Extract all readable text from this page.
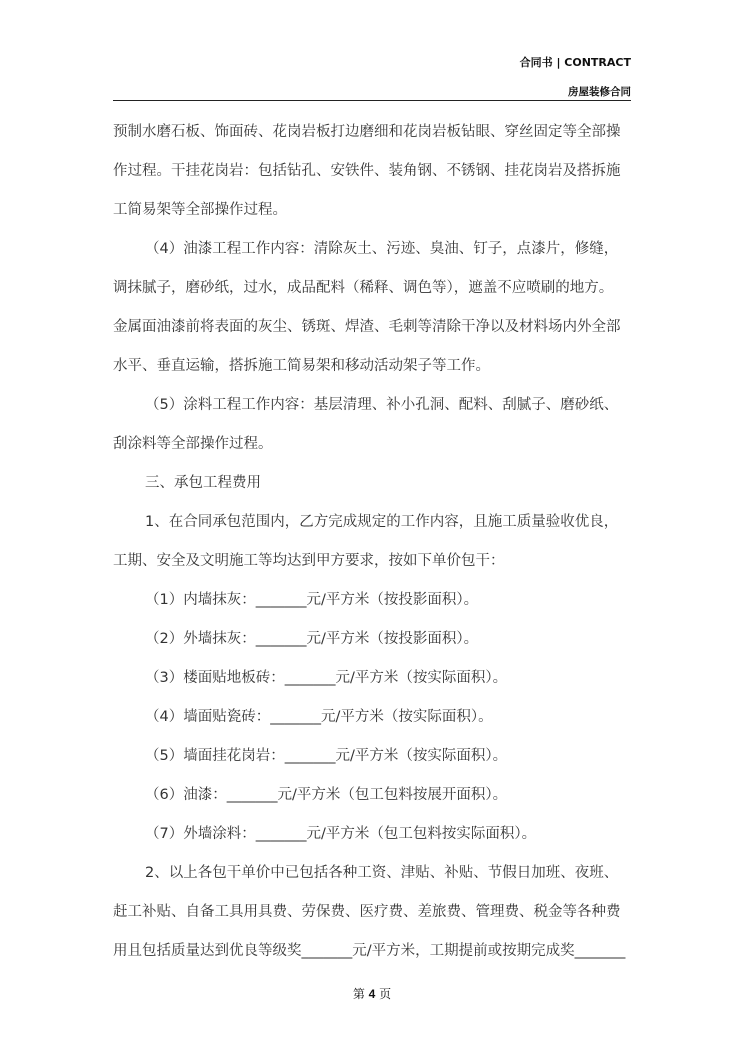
合同书 | CONTRACT
房屋装修合同

预制水磨石板、饰面砖、花岗岩板打边磨细和花岗岩板钻眼、穿丝固定等全部操

作过程。干挂花岗岩：包括钻孔、安铁件、装角钢、不锈钢、挂花岗岩及搭拆施

工简易架等全部操作过程。

（4）油漆工程工作内容：清除灰土、污迹、臭油、钉子，点漆片，修缝，

调抹腻子，磨砂纸，过水，成品配料（稀释、调色等），遮盖不应喷刷的地方。

金属面油漆前将表面的灰尘、锈斑、焊渣、毛刺等清除干净以及材料场内外全部

水平、垂直运输，搭拆施工简易架和移动活动架子等工作。

（5）涂料工程工作内容：基层清理、补小孔洞、配料、刮腻子、磨砂纸、

刮涂料等全部操作过程。

三、承包工程费用

1、在合同承包范围内，乙方完成规定的工作内容，且施工质量验收优良，

工期、安全及文明施工等均达到甲方要求，按如下单价包干：

（1）内墙抹灰：_______元/平方米（按投影面积）。

（2）外墙抹灰：_______元/平方米（按投影面积）。

（3）楼面贴地板砖：_______元/平方米（按实际面积）。

（4）墙面贴瓷砖：_______元/平方米（按实际面积）。

（5）墙面挂花岗岩：_______元/平方米（按实际面积）。

（6）油漆：_______元/平方米（包工包料按展开面积）。

（7）外墙涂料：_______元/平方米（包工包料按实际面积）。

2、以上各包干单价中已包括各种工资、津贴、补贴、节假日加班、夜班、

赶工补贴、自备工具用具费、劳保费、医疗费、差旅费、管理费、税金等各种费

用且包括质量达到优良等级奖_______元/平方米，工期提前或按期完成奖_______

第 4 页
